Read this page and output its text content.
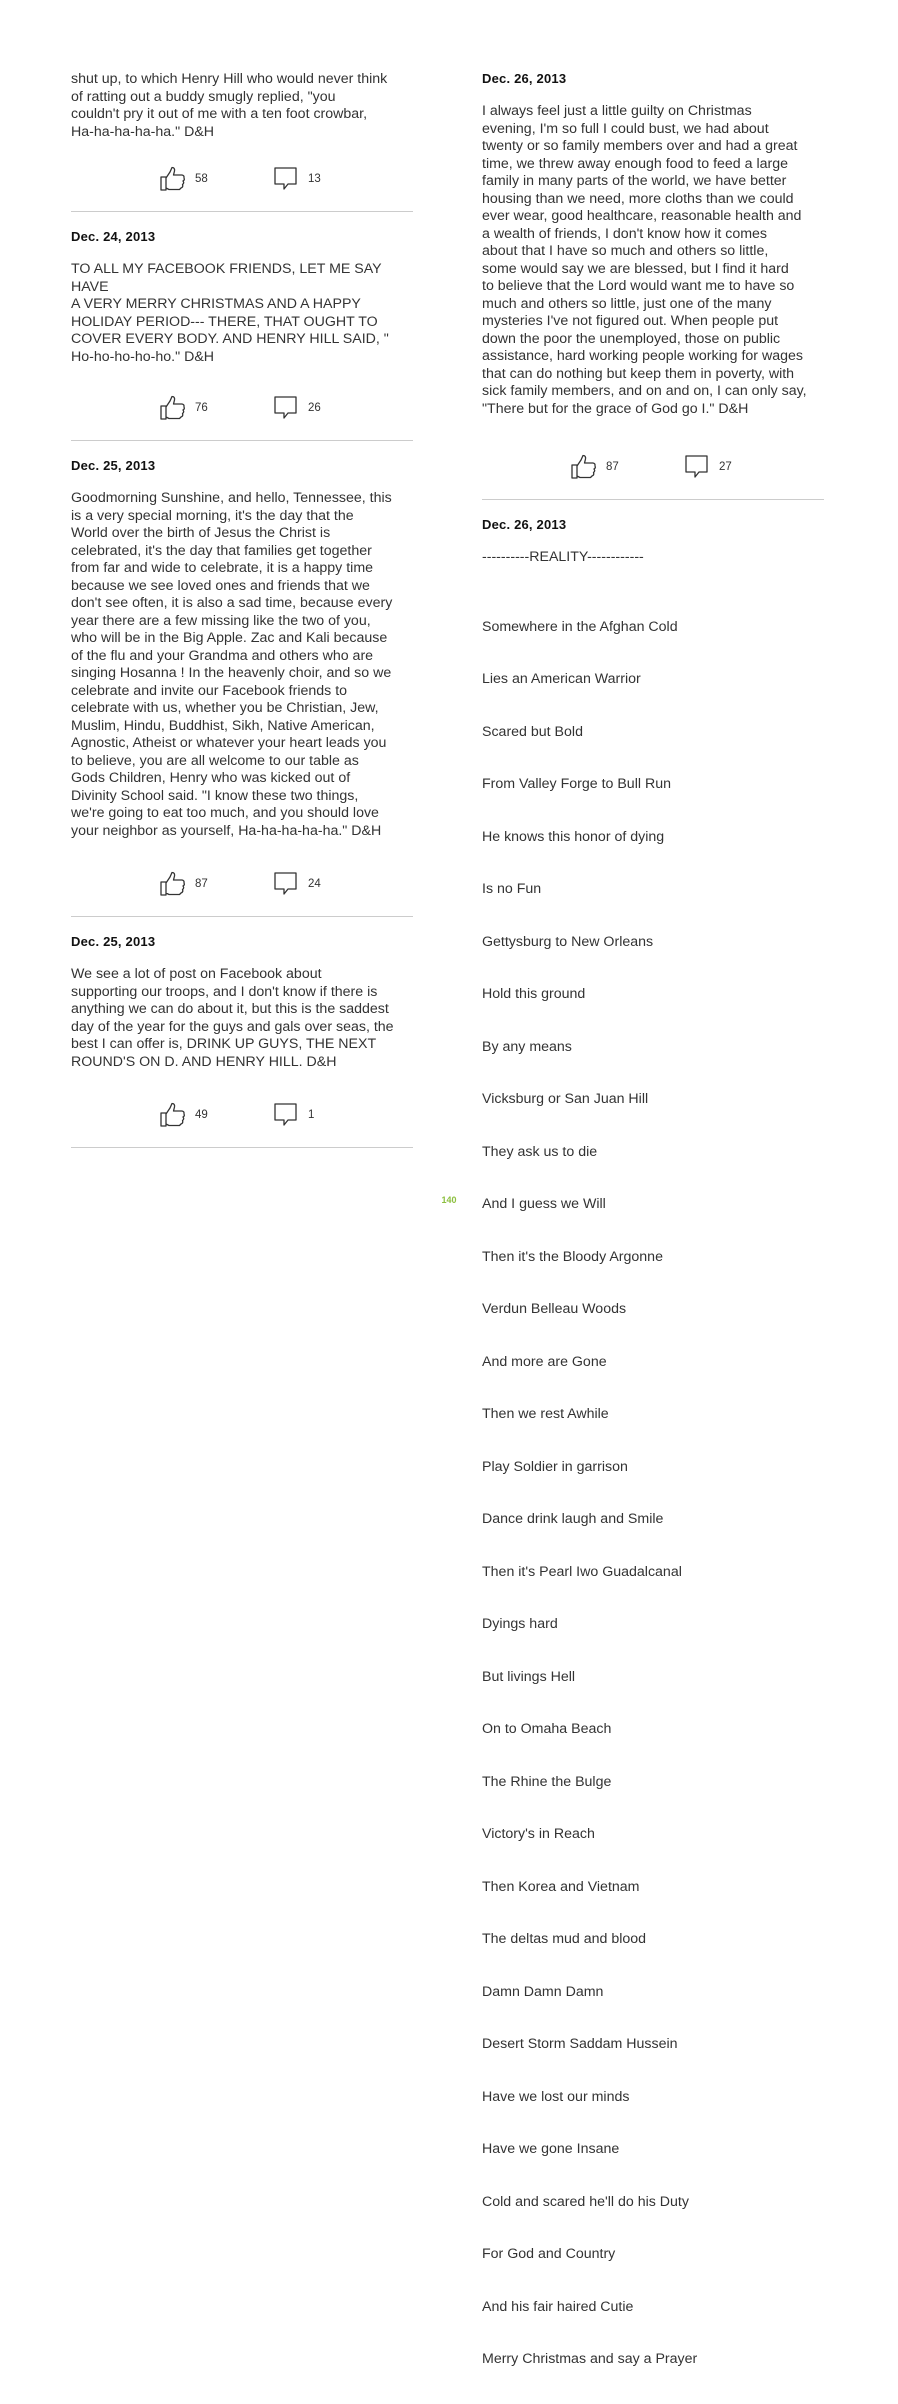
shut up, to which Henry Hill who would never think
of ratting out a buddy smugly replied, "you
couldn't pry it out of me with a ten foot crowbar,
Ha-ha-ha-ha-ha." D&H

58	13
Dec. 24, 2013

TO ALL MY FACEBOOK FRIENDS, LET ME SAY HAVE
A VERY MERRY CHRISTMAS AND A HAPPY
HOLIDAY PERIOD--- THERE, THAT OUGHT TO
COVER EVERY BODY. AND HENRY HILL SAID, "
Ho-ho-ho-ho-ho." D&H

76	26
Dec. 25, 2013

Goodmorning Sunshine, and hello, Tennessee, this
is a very special morning, it's the day that the
World over the birth of Jesus the Christ is
celebrated, it's the day that families get together
from far and wide to celebrate, it is a happy time
because we see loved ones and friends that we
don't see often, it is also a sad time, because every
year there are a few missing like the two of you,
who will be in the Big Apple. Zac and Kali because
of the flu and your Grandma and others who are
singing Hosanna ! In the heavenly choir, and so we
celebrate and invite our Facebook friends to
celebrate with us, whether you be Christian, Jew,
Muslim, Hindu, Buddhist, Sikh, Native American,
Agnostic, Atheist or whatever your heart leads you
to believe, you are all welcome to our table as
Gods Children, Henry who was kicked out of
Divinity School said. "I know these two things,
we're going to eat too much, and you should love
your neighbor as yourself, Ha-ha-ha-ha-ha." D&H

87	24
Dec. 25, 2013

We see a lot of post on Facebook about
supporting our troops, and I don't know if there is
anything we can do about it, but this is the saddest
day of the year for the guys and gals over seas, the
best I can offer is, DRINK UP GUYS, THE NEXT
ROUND'S ON D. AND HENRY HILL. D&H

49	1
Dec. 26, 2013

I always feel just a little guilty on Christmas
evening, I'm so full I could bust, we had about
twenty or so family members over and had a great
time, we threw away enough food to feed a large
family in many parts of the world, we have better
housing than we need, more cloths than we could
ever wear, good healthcare, reasonable health and
a wealth of friends, I don't know how it comes
about that I have so much and others so little,
some would say we are blessed, but I find it hard
to believe that the Lord would want me to have so
much and others so little, just one of the many
mysteries I've not figured out. When people put
down the poor the unemployed, those on public
assistance, hard working people working for wages
that can do nothing but keep them in poverty, with
sick family members, and on and on, I can only say,
"There but for the grace of God go I." D&H

87	27
Dec. 26, 2013

----------REALITY------------

Somewhere in the Afghan Cold

Lies an American Warrior

Scared but Bold

From Valley Forge to Bull Run

He knows this honor of dying

Is no Fun

Gettysburg to New Orleans

Hold this ground

By any means

Vicksburg or San Juan Hill

They ask us to die

And I guess we Will

Then it's the Bloody Argonne

Verdun Belleau Woods

And more are Gone

Then we rest Awhile

Play Soldier in garrison

Dance drink laugh and Smile

Then it's Pearl Iwo Guadalcanal

Dyings hard

But livings Hell

On to Omaha Beach

The Rhine the Bulge

Victory's in Reach

Then Korea and Vietnam

The deltas mud and blood

Damn Damn Damn

Desert Storm Saddam Hussein

Have we lost our minds

Have we gone Insane

Cold and scared he'll do his Duty

For God and Country

And his fair haired Cutie

Merry Christmas and say a Prayer

140
